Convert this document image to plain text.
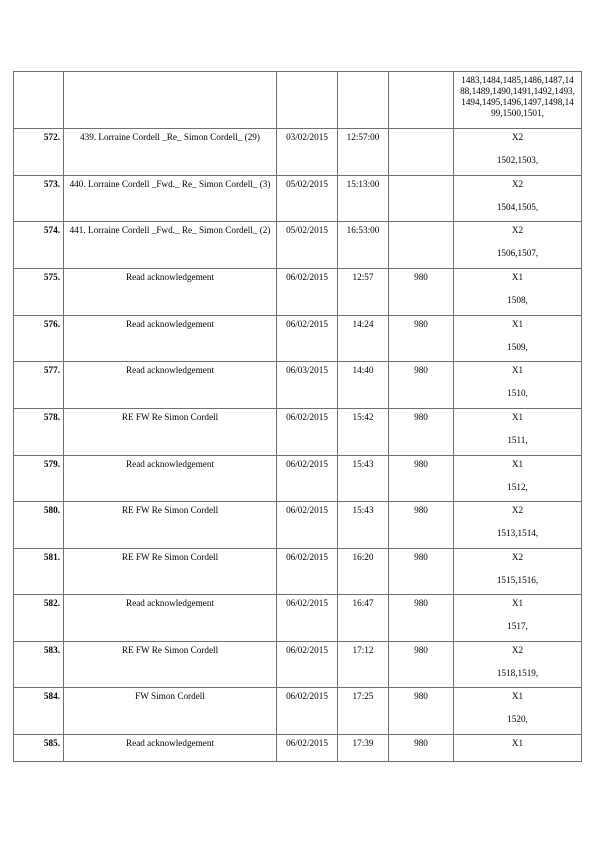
					1483,1484,1485,1486,1487,1488,1489,1490,1491,1492,1493,1494,1495,1496,1497,1498,1499,1500,1501,

572.	439. Lorraine Cordell _Re_ Simon Cordell_ (29)	03/02/2015	12:57:00		X2
1502,1503,

573.	440. Lorraine Cordell _Fwd._ Re_ Simon Cordell_ (3)	05/02/2015	15:13:00		X2
1504,1505,

574.	441. Lorraine Cordell _Fwd._ Re_ Simon Cordell_ (2)	05/02/2015	16:53:00		X2
1506,1507,

575.	Read acknowledgement	06/02/2015	12:57	980	X1
1508,

576.	Read acknowledgement	06/02/2015	14:24	980	X1
1509,

577.	Read acknowledgement	06/03/2015	14:40	980	X1
1510,

578.	RE FW Re Simon Cordell	06/02/2015	15:42	980	X1
1511,

579.	Read acknowledgement	06/02/2015	15:43	980	X1
1512,

580.	RE FW Re Simon Cordell	06/02/2015	15:43	980	X2
1513,1514,

581.	RE FW Re Simon Cordell	06/02/2015	16:20	980	X2
1515,1516,

582.	Read acknowledgement	06/02/2015	16:47	980	X1
1517,

583.	RE FW Re Simon Cordell	06/02/2015	17:12	980	X2
1518,1519,

584.	FW Simon Cordell	06/02/2015	17:25	980	X1
1520,

585.	Read acknowledgement	06/02/2015	17:39	980	X1
